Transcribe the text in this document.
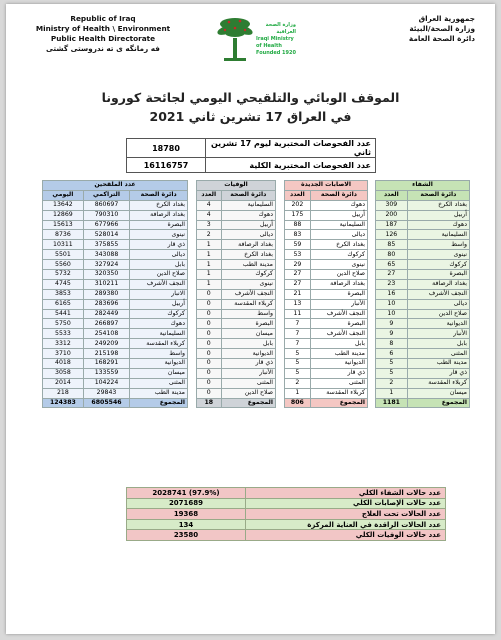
Republic of Iraq
Ministry of Health \ Environment
Public Health Directorate
فه رمانگه ى ته ندروستى گشتى
وزارة الصحة العراقية
Iraqi Ministry of Health
Founded 1920
جمهورية العراق
وزارة الصحة/البيئة
دائرة الصحة العامة
الموقف الوبائي والتلقيحي اليومي لجائحة كورونا
في العراق 17 تشرين ثاني 2021
عدد الفحوصات المختبرية ليوم 17 تشرين ثاني	18780
عدد الفحوصات المختبرية الكلية	16116757
الشفاء	
دائرة الصحة	العدد
بغداد الكرخ	309
أربيل	200
دهوك	187
السليمانية	126
واسط	85
نينوى	80
كركوك	65
البصرة	27
بغداد الرصافة	23
النجف الأشرف	16
ديالى	10
صلاح الدين	10
الديوانية	9
الأنبار	9
بابل	8
المثنى	6
مدينة الطب	5
ذي قار	5
كربلاء المقدسة	2
ميسان	1
المجموع	1181
الاصابات الجديدة	
دائرة الصحة	العدد
دهوك	202
أربيل	175
السليمانية	88
ديالى	83
بغداد الكرخ	59
كركوك	53
نينوى	29
صلاح الدين	27
بغداد الرصافة	27
البصرة	21
الأنبار	13
النجف الأشرف	11
البصرة	7
النجف الأشرف	7
بابل	7
مدينة الطب	5
الديوانية	5
ذي قار	5
المثنى	2
كربلاء المقدسة	1
المجموع	806
الوفيات	
دائرة الصحة	العدد
السليمانية	4
دهوك	4
أربيل	3
ديالى	2
بغداد الرصافة	1
بغداد الكرخ	1
مدينة الطب	1
كركوك	1
نينوى	1
النجف الأشرف	0
كربلاء المقدسة	0
واسط	0
البصرة	0
ميسان	0
بابل	0
الديوانية	0
ذي قار	0
الأنبار	0
المثنى	0
صلاح الدين	0
المجموع	18
عدد الملقحين		
دائرة الصحة	التراكمي	اليومي
بغداد الكرخ	860697	13642
بغداد الرصافة	790310	12869
البصرة	677966	15613
نينوى	528014	8736
ذي قار	375855	10311
ديالى	343088	5501
بابل	327924	5560
صلاح الدين	320350	5732
النجف الأشرف	310211	4745
الانبار	289380	3853
أربيل	283696	6165
كركوك	282449	5441
دهوك	266897	5750
السليمانية	254108	5533
كربلاء المقدسة	249209	3312
واسط	215198	3710
الديوانية	168291	4018
ميسان	133559	3058
المثنى	104224	2014
مدينة الطب	29843	218
المجموع	6805546	124383
عدد حالات الشفاء الكلي	(97.9%) 2028741
عدد حالات الإصابات الكلي	2071689
عدد الحالات تحت العلاج	19368
عدد الحالات الراقدة في العناية المركزة	134
عدد حالات الوفيات الكلي	23580
